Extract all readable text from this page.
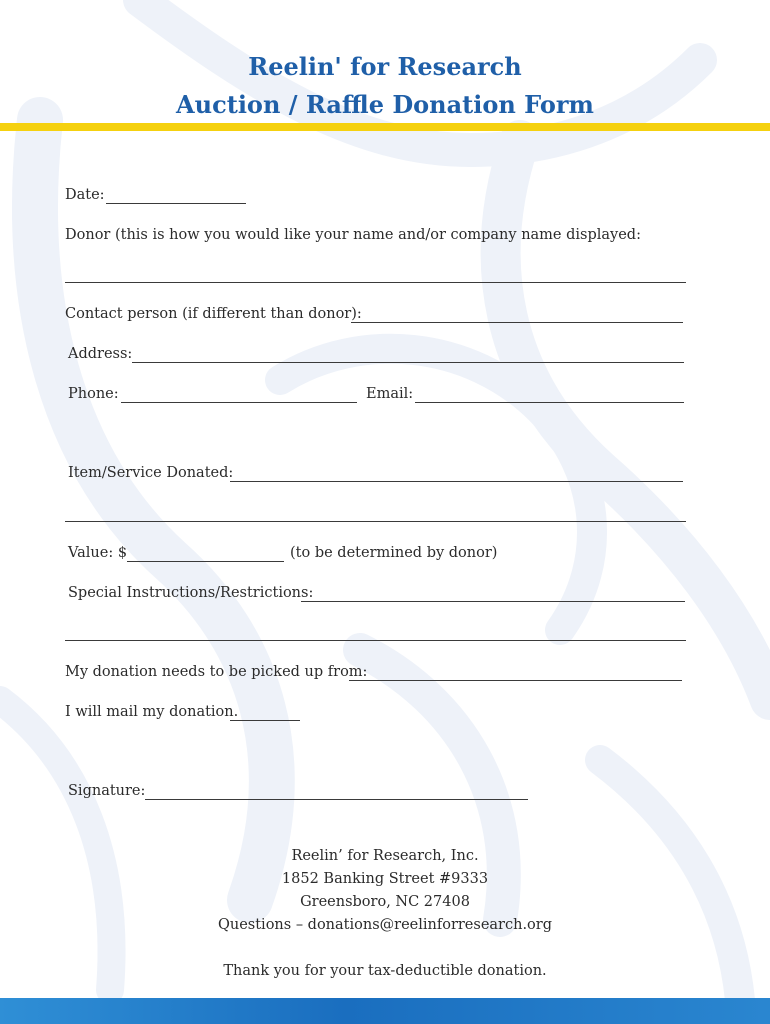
Reelin' for Research
Auction / Raffle Donation Form
Date:
Donor (this is how you would like your name and/or company name displayed:
Contact person (if different than donor):
Address:
Phone:	Email:
Item/Service Donated:
Value: $	(to be determined by donor)
Special Instructions/Restrictions:
My donation needs to be picked up from:
I will mail my donation.
Signature:
Reelin’ for Research, Inc.
1852 Banking Street #9333
Greensboro, NC 27408
Questions – donations@reelinforresearch.org
Thank you for your tax-deductible donation.
